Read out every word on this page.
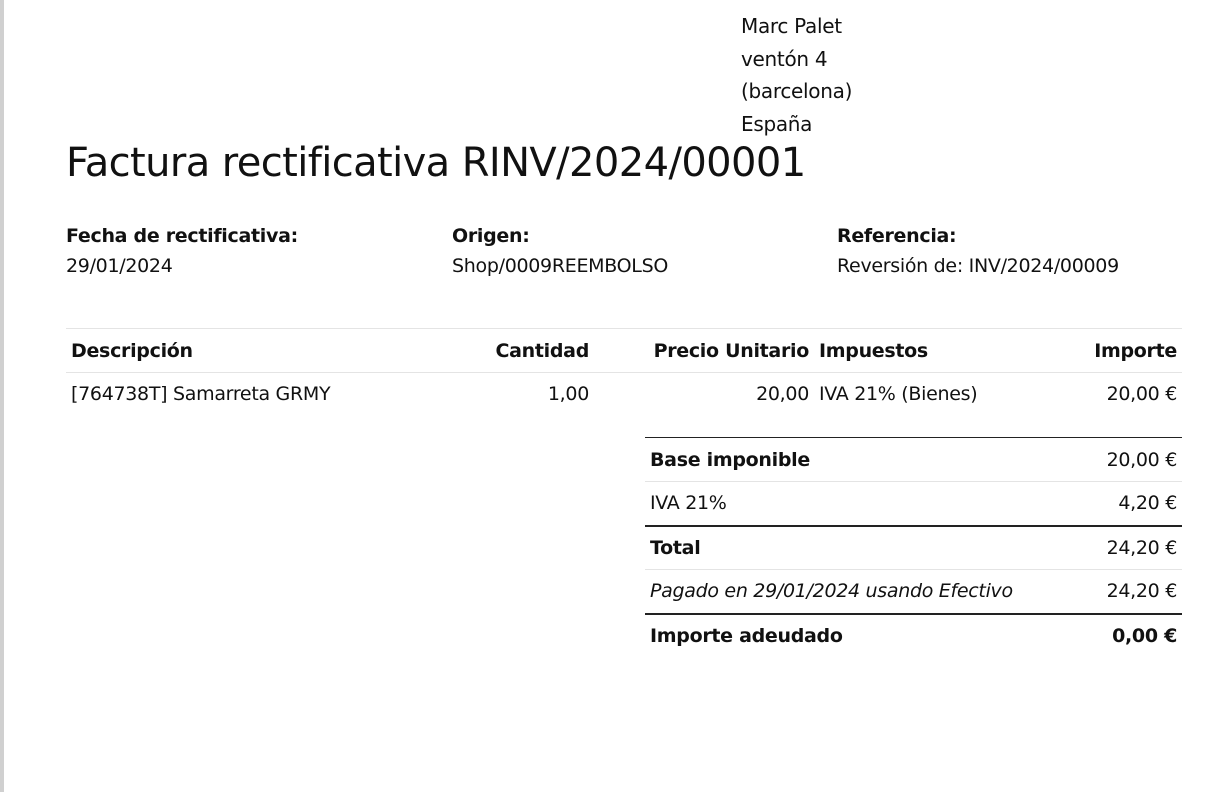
Marc Palet
ventón 4
(barcelona)
España
Factura rectificativa RINV/2024/00001
Fecha de rectificativa:
29/01/2024
Origen:
Shop/0009REEMBOLSO
Referencia:
Reversión de: INV/2024/00009
Descripción	Cantidad	Precio Unitario	Impuestos	Importe
[764738T] Samarreta GRMY	1,00	20,00	IVA 21% (Bienes)	20,00 €
Base imponible	20,00 €
IVA 21%	4,20 €
Total	24,20 €
Pagado en 29/01/2024 usando Efectivo	24,20 €
Importe adeudado	0,00 €
